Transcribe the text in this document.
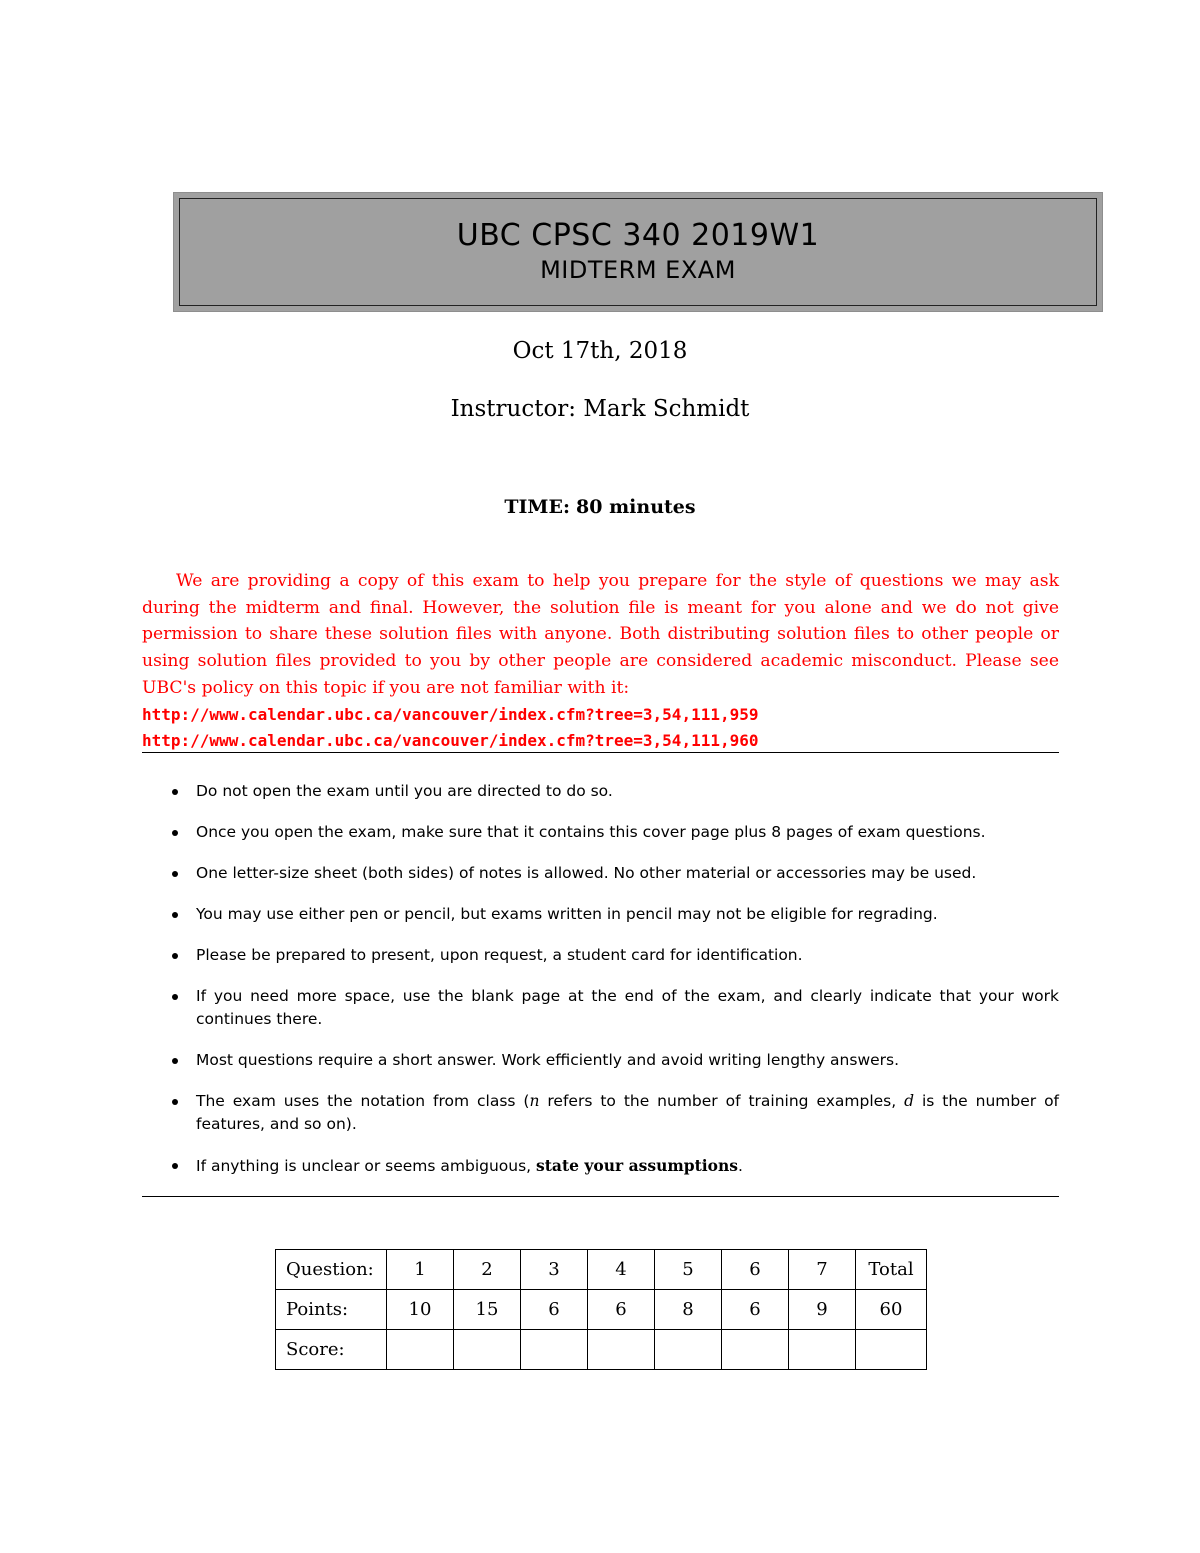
UBC CPSC 340 2019W1
MIDTERM EXAM
Oct 17th, 2018
Instructor: Mark Schmidt
TIME: 80 minutes
We are providing a copy of this exam to help you prepare for the style of questions we may ask during the midterm and final. However, the solution file is meant for you alone and we do not give permission to share these solution files with anyone. Both distributing solution files to other people or using solution files provided to you by other people are considered academic misconduct. Please see UBC's policy on this topic if you are not familiar with it:
http://www.calendar.ubc.ca/vancouver/index.cfm?tree=3,54,111,959
http://www.calendar.ubc.ca/vancouver/index.cfm?tree=3,54,111,960
Do not open the exam until you are directed to do so.
Once you open the exam, make sure that it contains this cover page plus 8 pages of exam questions.
One letter-size sheet (both sides) of notes is allowed. No other material or accessories may be used.
You may use either pen or pencil, but exams written in pencil may not be eligible for regrading.
Please be prepared to present, upon request, a student card for identification.
If you need more space, use the blank page at the end of the exam, and clearly indicate that your work continues there.
Most questions require a short answer. Work efficiently and avoid writing lengthy answers.
The exam uses the notation from class (n refers to the number of training examples, d is the number of features, and so on).
If anything is unclear or seems ambiguous, state your assumptions.
Question:	1	2	3	4	5	6	7	Total
Points:	10	15	6	6	8	6	9	60
Score:								
